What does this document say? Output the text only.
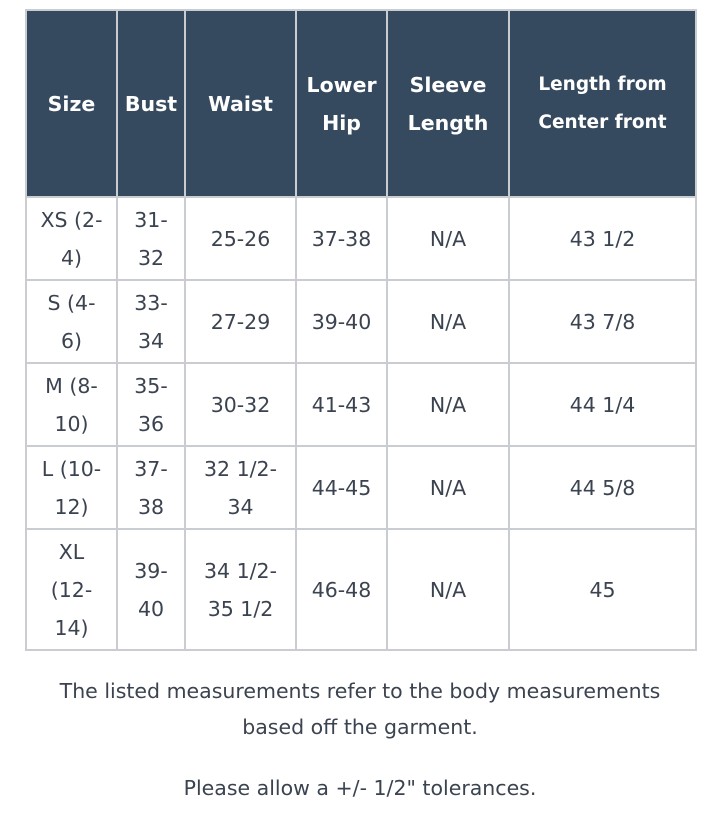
Size	Bust	Waist	Lower Hip	Sleeve Length	Length from Center front
XS (2-4)	31-32	25-26	37-38	N/A	43 1/2
S (4-6)	33-34	27-29	39-40	N/A	43 7/8
M (8-10)	35-36	30-32	41-43	N/A	44 1/4
L (10-12)	37-38	32 1/2-34	44-45	N/A	44 5/8
XL (12-14)	39-40	34 1/2-35 1/2	46-48	N/A	45
The listed measurements refer to the body measurements based off the garment.
Please allow a +/- 1/2" tolerances.
